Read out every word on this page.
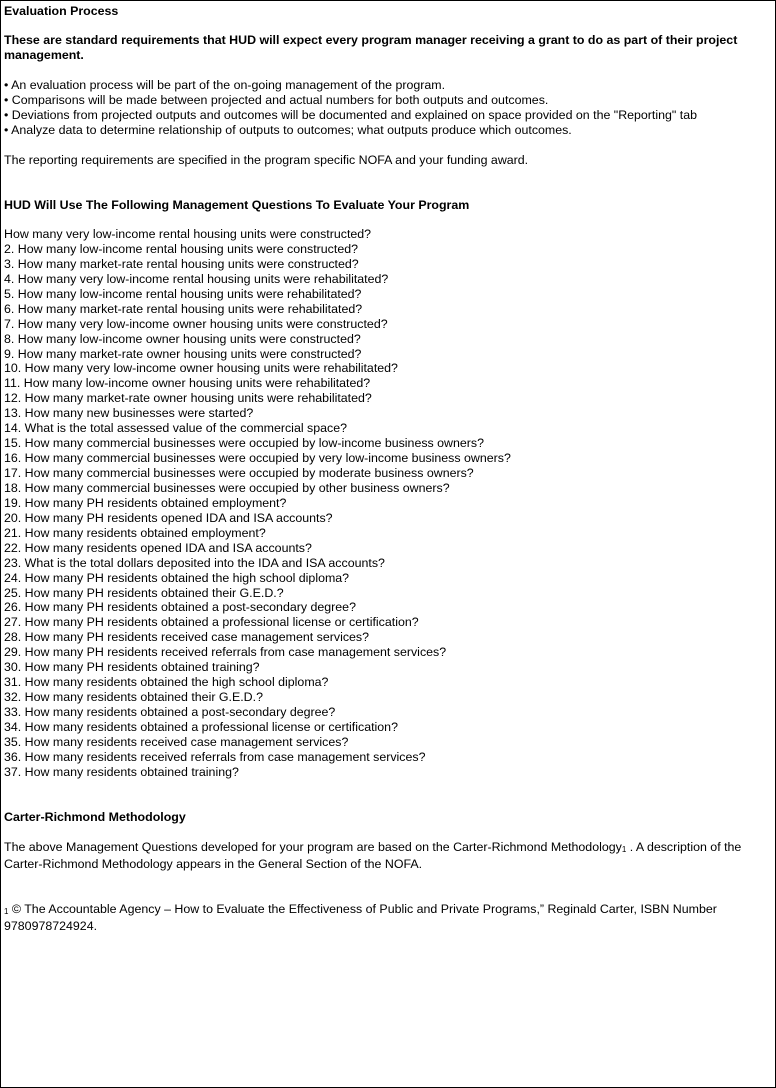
Evaluation Process
These are standard requirements that HUD will expect every program manager receiving a grant to do as part of their project management.
• An evaluation process will be part of the on-going management of the program.
• Comparisons will be made between projected and actual numbers for both outputs and outcomes.
• Deviations from projected outputs and outcomes will be documented and explained on space provided on the "Reporting" tab
• Analyze data to determine relationship of outputs to outcomes; what outputs produce which outcomes.
The reporting requirements are specified in the program specific NOFA and your funding award.
HUD Will Use The Following Management Questions To Evaluate Your Program
How many very low-income rental housing units were constructed?
2. How many low-income rental housing units were constructed?
3. How many market-rate rental housing units were constructed?
4. How many very low-income rental housing units were rehabilitated?
5. How many low-income rental housing units were rehabilitated?
6. How many market-rate rental housing units were rehabilitated?
7. How many very low-income owner housing units were constructed?
8. How many low-income owner housing units were constructed?
9. How many market-rate owner housing units were constructed?
10. How many very low-income owner housing units were rehabilitated?
11. How many low-income owner housing units were rehabilitated?
12. How many market-rate owner housing units were rehabilitated?
13. How many new businesses were started?
14. What is the total assessed value of the commercial space?
15. How many commercial businesses were occupied by low-income business owners?
16. How many commercial businesses were occupied by very low-income business owners?
17. How many commercial businesses were occupied by moderate business owners?
18. How many commercial businesses were occupied by other business owners?
19. How many PH residents obtained employment?
20. How many PH residents opened IDA and ISA accounts?
21. How many residents obtained employment?
22. How many residents opened IDA and ISA accounts?
23. What is the total dollars deposited into the IDA and ISA accounts?
24. How many PH residents obtained the high school diploma?
25. How many PH residents obtained their G.E.D.?
26. How many PH residents obtained a post-secondary degree?
27. How many PH residents obtained a professional license or certification?
28. How many PH residents received case management services?
29. How many PH residents received referrals from case management services?
30. How many PH residents obtained training?
31. How many residents obtained the high school diploma?
32. How many residents obtained their G.E.D.?
33. How many residents obtained a post-secondary degree?
34. How many residents obtained a professional license or certification?
35. How many residents received case management services?
36. How many residents received referrals from case management services?
37. How many residents obtained training?
Carter-Richmond Methodology
The above Management Questions developed for your program are based on the Carter-Richmond Methodology1 . A description of the Carter-Richmond Methodology appears in the General Section of the NOFA.
1 © The Accountable Agency – How to Evaluate the Effectiveness of Public and Private Programs,” Reginald Carter, ISBN Number 9780978724924.
